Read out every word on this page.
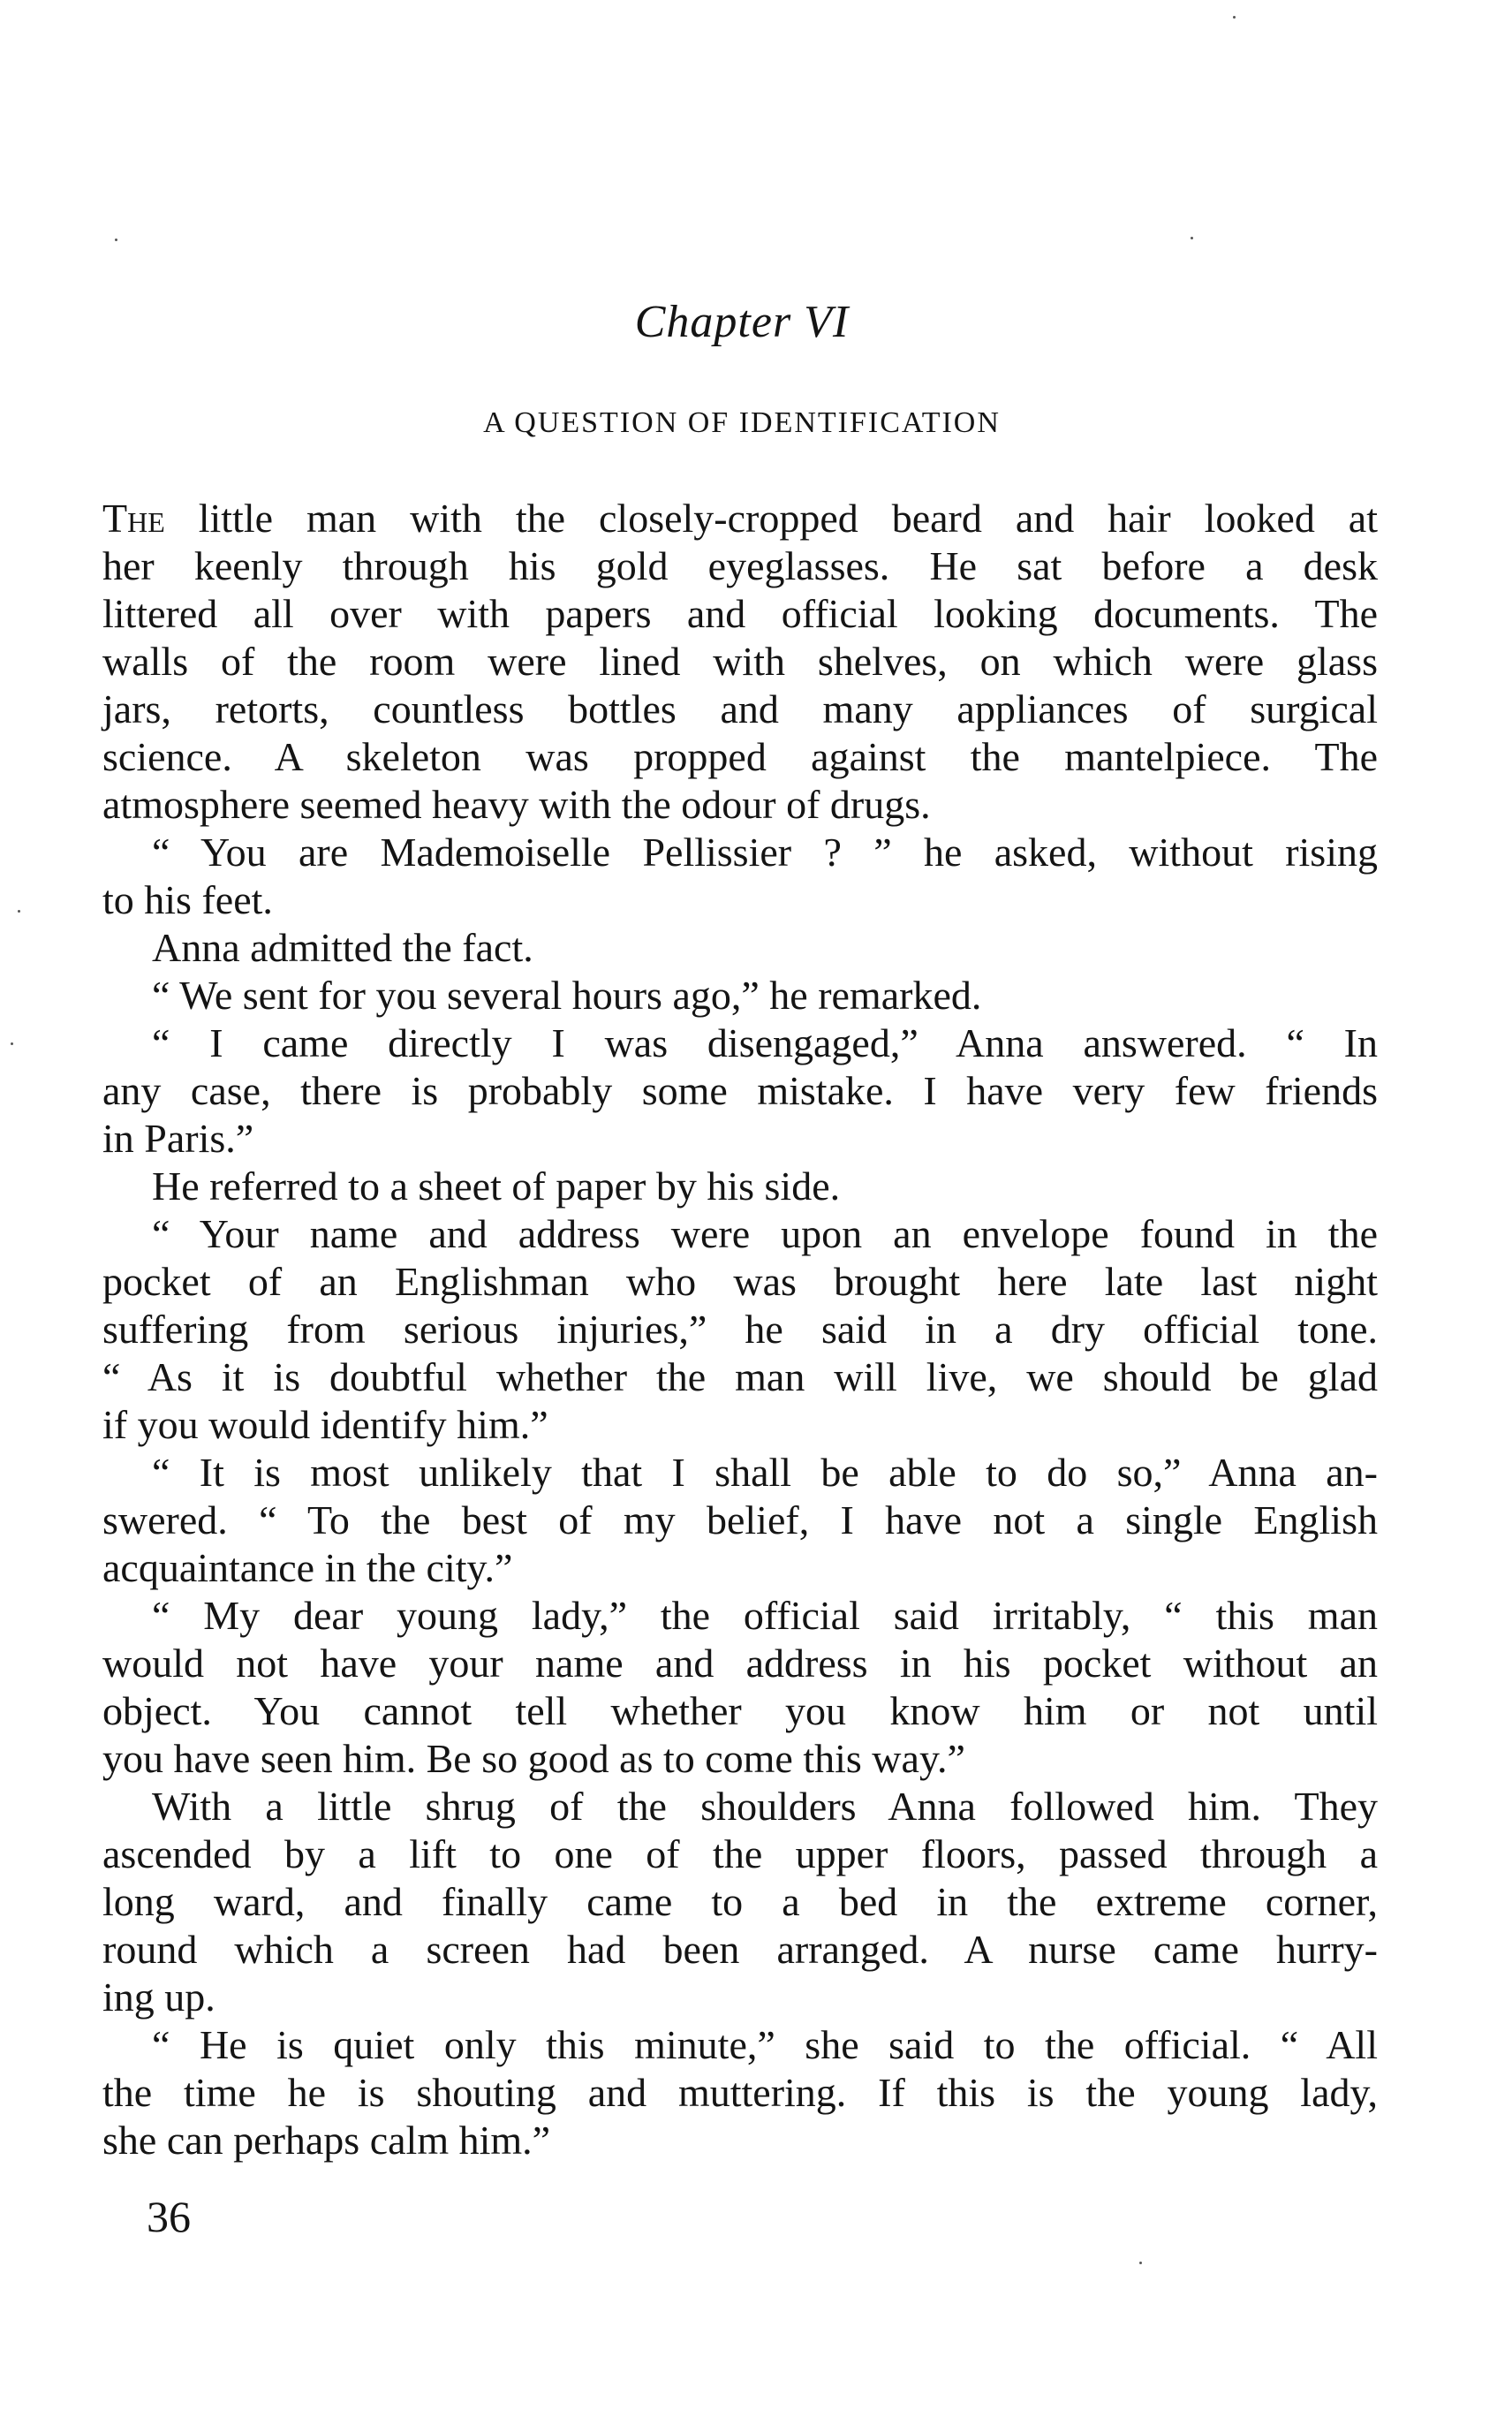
Chapter VI
A QUESTION OF IDENTIFICATION
The little man with the closely-cropped beard and hair looked at
her keenly through his gold eyeglasses. He sat before a desk
littered all over with papers and official looking documents. The
walls of the room were lined with shelves, on which were glass
jars, retorts, countless bottles and many appliances of surgical
science. A skeleton was propped against the mantelpiece. The
atmosphere seemed heavy with the odour of drugs.
“ You are Mademoiselle Pellissier ? ” he asked, without rising
to his feet.
Anna admitted the fact.
“ We sent for you several hours ago,” he remarked.
“ I came directly I was disengaged,” Anna answered. “ In
any case, there is probably some mistake. I have very few friends
in Paris.”
He referred to a sheet of paper by his side.
“ Your name and address were upon an envelope found in the
pocket of an Englishman who was brought here late last night
suffering from serious injuries,” he said in a dry official tone.
“ As it is doubtful whether the man will live, we should be glad
if you would identify him.”
“ It is most unlikely that I shall be able to do so,” Anna an-
swered. “ To the best of my belief, I have not a single English
acquaintance in the city.”
“ My dear young lady,” the official said irritably, “ this man
would not have your name and address in his pocket without an
object. You cannot tell whether you know him or not until
you have seen him. Be so good as to come this way.”
With a little shrug of the shoulders Anna followed him. They
ascended by a lift to one of the upper floors, passed through a
long ward, and finally came to a bed in the extreme corner,
round which a screen had been arranged. A nurse came hurry-
ing up.
“ He is quiet only this minute,” she said to the official. “ All
the time he is shouting and muttering. If this is the young lady,
she can perhaps calm him.”
36
